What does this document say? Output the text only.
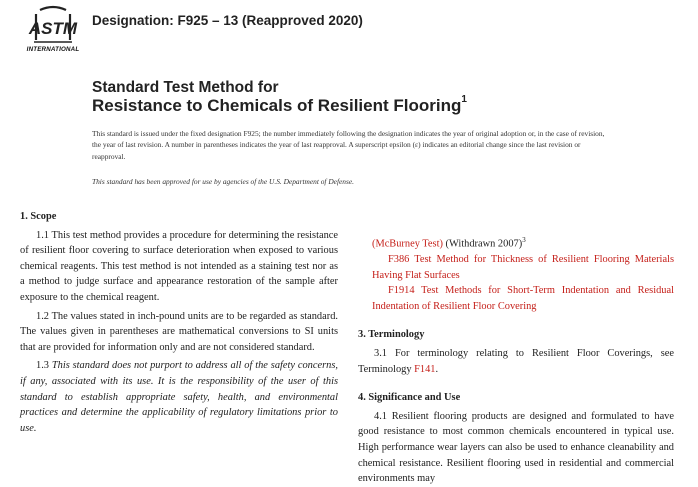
ASTM
INTERNATIONAL
Designation: F925 – 13 (Reapproved 2020)
Standard Test Method for
Resistance to Chemicals of Resilient Flooring$^1$
This standard is issued under the fixed designation F925; the number immediately following the designation indicates the year of original adoption or, in the case of revision, the year of last revision. A number in parentheses indicates the year of last reapproval. A superscript epsilon (ε) indicates an editorial change since the last revision or reapproval.
This standard has been approved for use by agencies of the U.S. Department of Defense.
1. Scope

1.1 This test method provides a procedure for determining the resistance of resilient floor covering to surface deterioration when exposed to various chemical reagents. This test method is not intended as a staining test nor as a method to judge surface and appearance restoration of the sample after exposure to the chemical reagent.

1.2 The values stated in inch-pound units are to be regarded as standard. The values given in parentheses are mathematical conversions to SI units that are provided for information only and are not considered standard.

1.3 This standard does not purport to address all of the safety concerns, if any, associated with its use. It is the responsibility of the user of this standard to establish appropriate safety, health, and environmental practices and determine the applicability of regulatory limitations prior to use.

(McBurney Test) (Withdrawn 2007)$^3$

F386 Test Method for Thickness of Resilient Flooring Materials Having Flat Surfaces

F1914 Test Methods for Short-Term Indentation and Residual Indentation of Resilient Floor Covering

3. Terminology

3.1 For terminology relating to Resilient Floor Coverings, see Terminology F141.

4. Significance and Use

4.1 Resilient flooring products are designed and formulated to have good resistance to most common chemicals encountered in typical use. High performance wear layers can also be used to enhance cleanability and chemical resistance. Resilient flooring used in residential and commercial environments may
